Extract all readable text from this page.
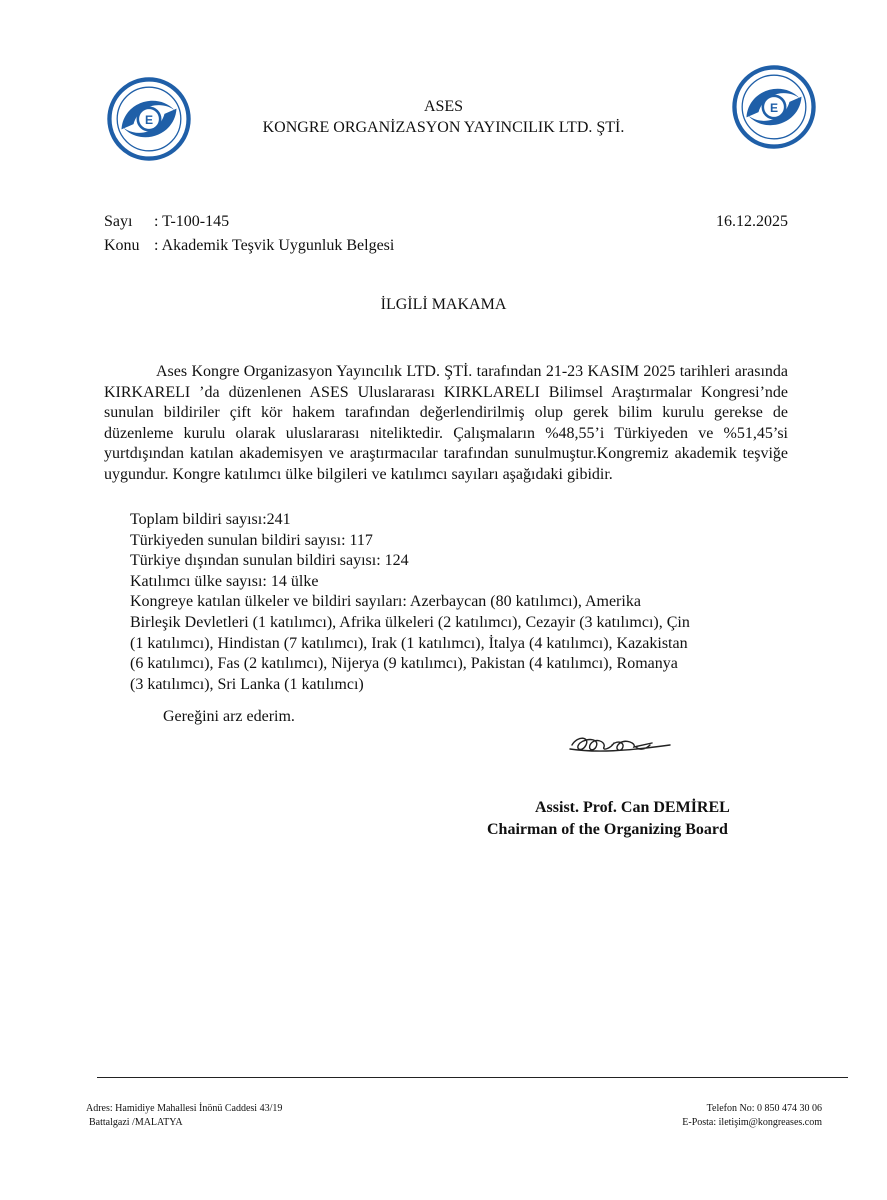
E
E
ASES
KONGRE ORGANİZASYON YAYINCILIK LTD. ŞTİ.
Sayı : T-100-145
Konu : Akademik Teşvik Uygunluk Belgesi
16.12.2025
İLGİLİ MAKAMA
Ases Kongre Organizasyon Yayıncılık LTD. ŞTİ. tarafından 21-23 KASIM 2025 tarihleri arasında KIRKARELI ’da düzenlenen ASES Uluslararası KIRKLARELI Bilimsel Araştırmalar Kongresi’nde sunulan bildiriler çift kör hakem tarafından değerlendirilmiş olup gerek bilim kurulu gerekse de düzenleme kurulu olarak uluslararası niteliktedir. Çalışmaların %48,55’i Türkiyeden ve %51,45’si yurtdışından katılan akademisyen ve araştırmacılar tarafından sunulmuştur.Kongremiz akademik teşviğe uygundur. Kongre katılımcı ülke bilgileri ve katılımcı sayıları aşağıdaki gibidir.
Toplam bildiri sayısı:241
Türkiyeden sunulan bildiri sayısı: 117
Türkiye dışından sunulan bildiri sayısı: 124
Katılımcı ülke sayısı: 14 ülke
Kongreye katılan ülkeler ve bildiri sayıları: Azerbaycan (80 katılımcı), Amerika Birleşik Devletleri (1 katılımcı), Afrika ülkeleri (2 katılımcı), Cezayir (3 katılımcı), Çin (1 katılımcı), Hindistan (7 katılımcı), Irak (1 katılımcı), İtalya (4 katılımcı), Kazakistan (6 katılımcı), Fas (2 katılımcı), Nijerya (9 katılımcı), Pakistan (4 katılımcı), Romanya (3 katılımcı), Sri Lanka (1 katılımcı)
Gereğini arz ederim.
Assist. Prof. Can DEMİREL
Chairman of the Organizing Board
Adres: Hamidiye Mahallesi İnönü Caddesi 43/19
Battalgazi /MALATYA
Telefon No: 0 850 474 30 06
E-Posta: iletişim@kongreases.com
